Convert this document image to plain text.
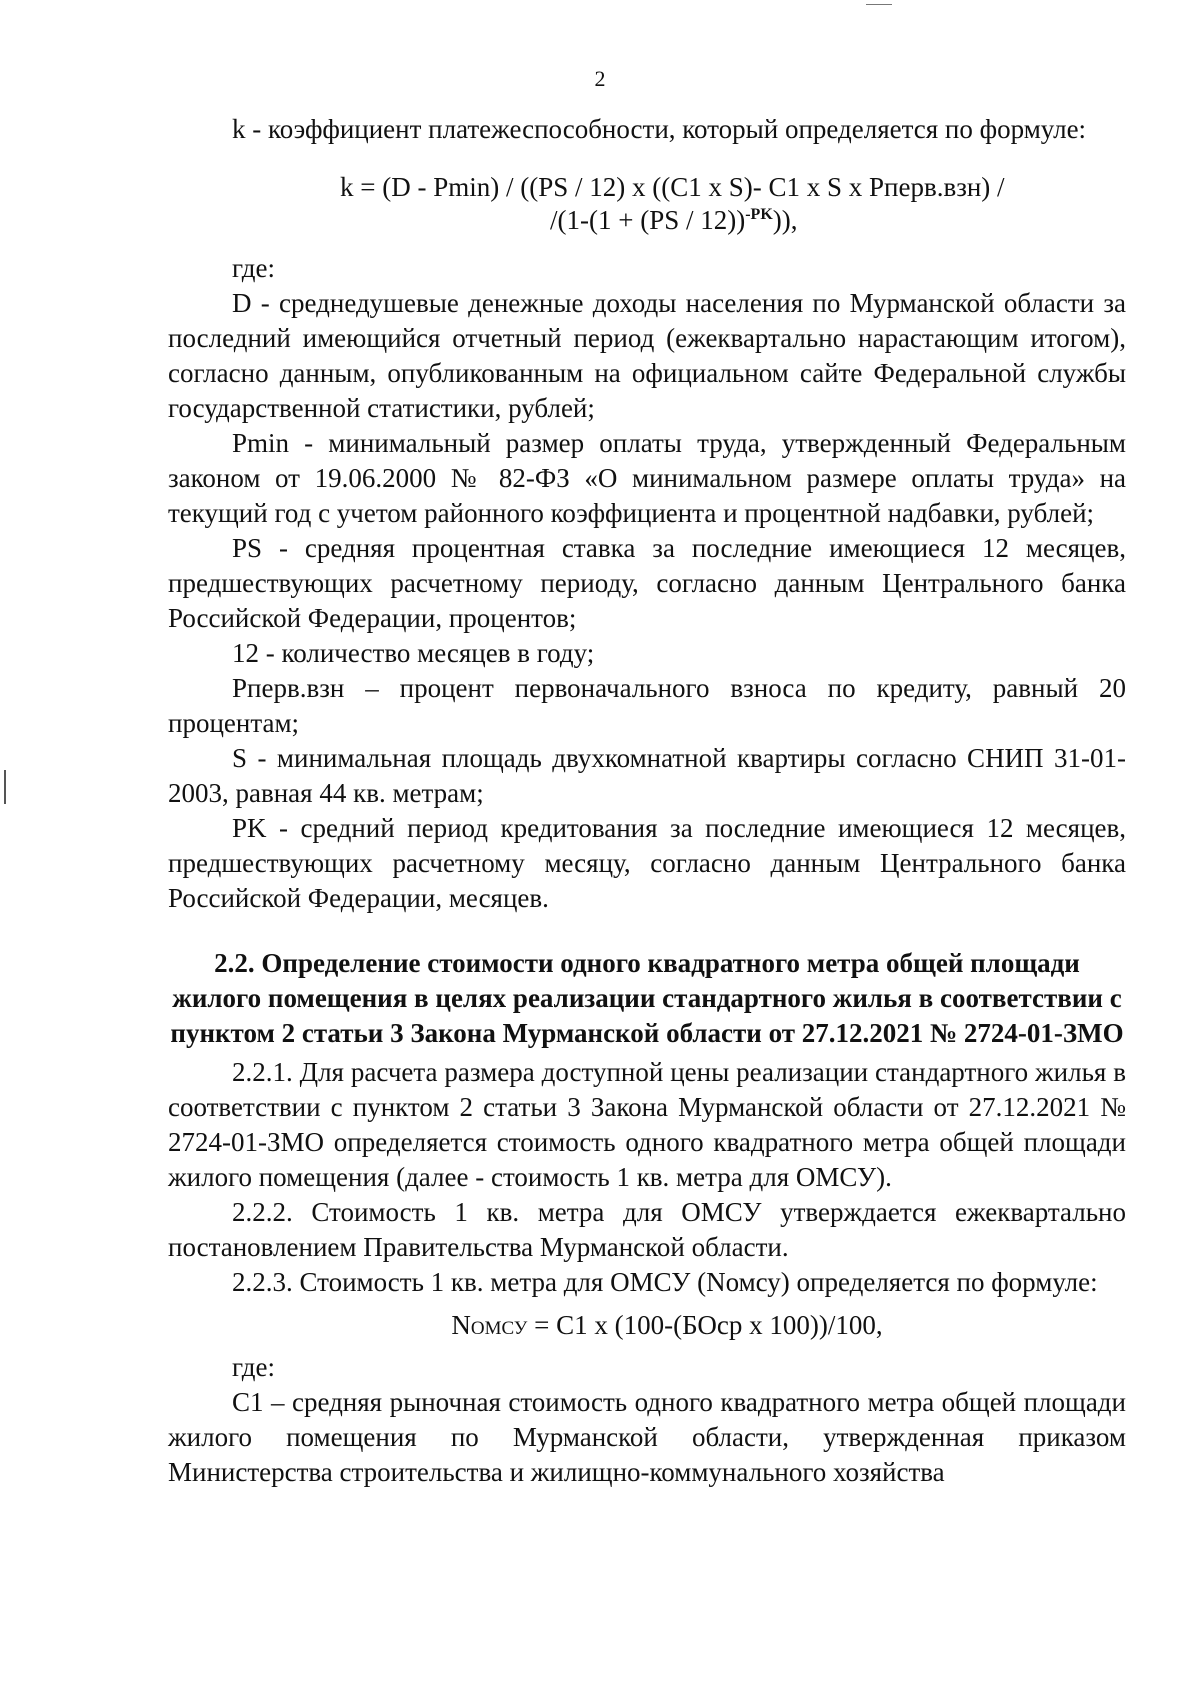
2

k - коэффициент платежеспособности, который определяется по формуле:

k = (D - Pmin) / ((PS / 12) x ((C1 x S)- C1 x S x Pперв.взн) /
$/(1-(1 + (PS / 12))^{-PK})$),

где:

D - среднедушевые денежные доходы населения по Мурманской области за последний имеющийся отчетный период (ежеквартально нарастающим итогом), согласно данным, опубликованным на официальном сайте Федеральной службы государственной статистики, рублей;

Pmin - минимальный размер оплаты труда, утвержденный Федеральным законом от 19.06.2000 № 82-ФЗ «О минимальном размере оплаты труда» на текущий год с учетом районного коэффициента и процентной надбавки, рублей;

PS - средняя процентная ставка за последние имеющиеся 12 месяцев, предшествующих расчетному периоду, согласно данным Центрального банка Российской Федерации, процентов;

12 - количество месяцев в году;

Рперв.взн – процент первоначального взноса по кредиту, равный 20 процентам;

S - минимальная площадь двухкомнатной квартиры согласно СНИП 31-01-2003, равная 44 кв. метрам;

PK - средний период кредитования за последние имеющиеся 12 месяцев, предшествующих расчетному месяцу, согласно данным Центрального банка Российской Федерации, месяцев.

2.2. Определение стоимости одного квадратного метра общей площади жилого помещения в целях реализации стандартного жилья в соответствии с пунктом 2 статьи 3 Закона Мурманской области от 27.12.2021 № 2724-01-ЗМО

2.2.1. Для расчета размера доступной цены реализации стандартного жилья в соответствии с пунктом 2 статьи 3 Закона Мурманской области от 27.12.2021 № 2724-01-ЗМО определяется стоимость одного квадратного метра общей площади жилого помещения (далее - стоимость 1 кв. метра для ОМСУ).

2.2.2. Стоимость 1 кв. метра для ОМСУ утверждается ежеквартально постановлением Правительства Мурманской области.

2.2.3. Стоимость 1 кв. метра для ОМСУ (Nомсу) определяется по формуле:

NОМСУ = C1 x (100-(БОср x 100))/100,

где:

C1 – средняя рыночная стоимость одного квадратного метра общей площади жилого помещения по Мурманской области, утвержденная приказом Министерства строительства и жилищно-коммунального хозяйства
